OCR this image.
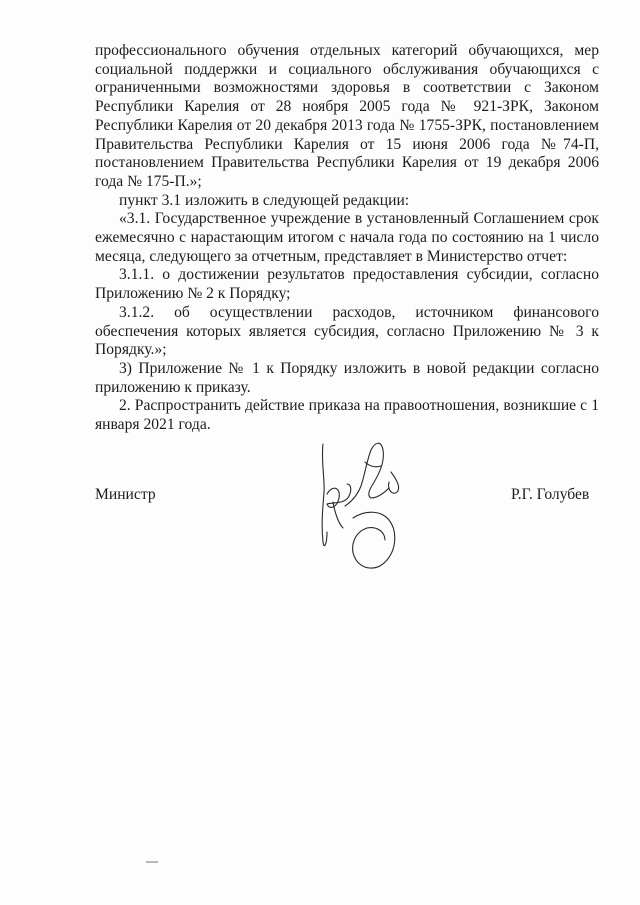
профессионального обучения отдельных категорий обучающихся, мер социальной поддержки и социального обслуживания обучающихся с ограниченными возможностями здоровья в соответствии с Законом Республики Карелия от 28 ноября 2005 года № 921-ЗРК, Законом Республики Карелия от 20 декабря 2013 года № 1755-ЗРК, постановлением Правительства Республики Карелия от 15 июня 2006 года №74-П, постановлением Правительства Республики Карелия от 19 декабря 2006 года № 175-П.»;

пункт 3.1 изложить в следующей редакции:

«3.1. Государственное учреждение в установленный Соглашением срок ежемесячно с нарастающим итогом с начала года по состоянию на 1 число месяца, следующего за отчетным, представляет в Министерство отчет:

3.1.1. о достижении результатов предоставления субсидии, согласно Приложению № 2 к Порядку;

3.1.2. об осуществлении расходов, источником финансового обеспечения которых является субсидия, согласно Приложению № 3 к Порядку.»;

3) Приложение № 1 к Порядку изложить в новой редакции согласно приложению к приказу.

2. Распространить действие приказа на правоотношения, возникшие с 1 января 2021 года.

Министр	Р.Г. Голубев
